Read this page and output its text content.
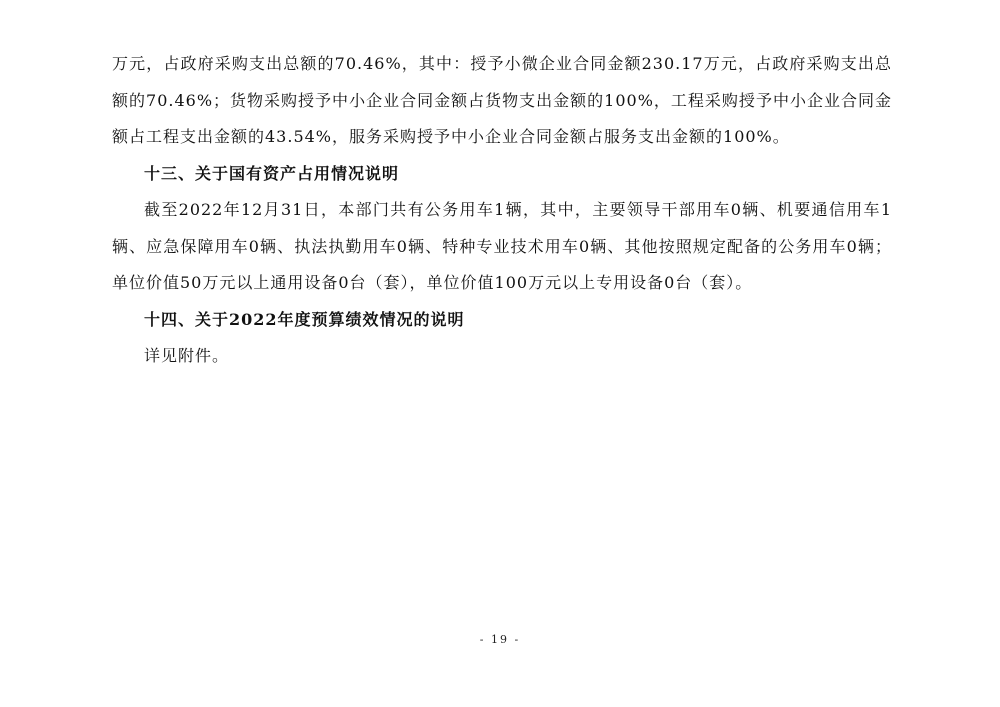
万元，占政府采购支出总额的70.46%，其中：授予小微企业合同金额230.17万元，占政府采购支出总额的70.46%；货物采购授予中小企业合同金额占货物支出金额的100%，工程采购授予中小企业合同金额占工程支出金额的43.54%，服务采购授予中小企业合同金额占服务支出金额的100%。

十三、关于国有资产占用情况说明

截至2022年12月31日，本部门共有公务用车1辆，其中，主要领导干部用车0辆、机要通信用车1辆、应急保障用车0辆、执法执勤用车0辆、特种专业技术用车0辆、其他按照规定配备的公务用车0辆；单位价值50万元以上通用设备0台（套），单位价值100万元以上专用设备0台（套）。

十四、关于2022年度预算绩效情况的说明

详见附件。

- 19 -
